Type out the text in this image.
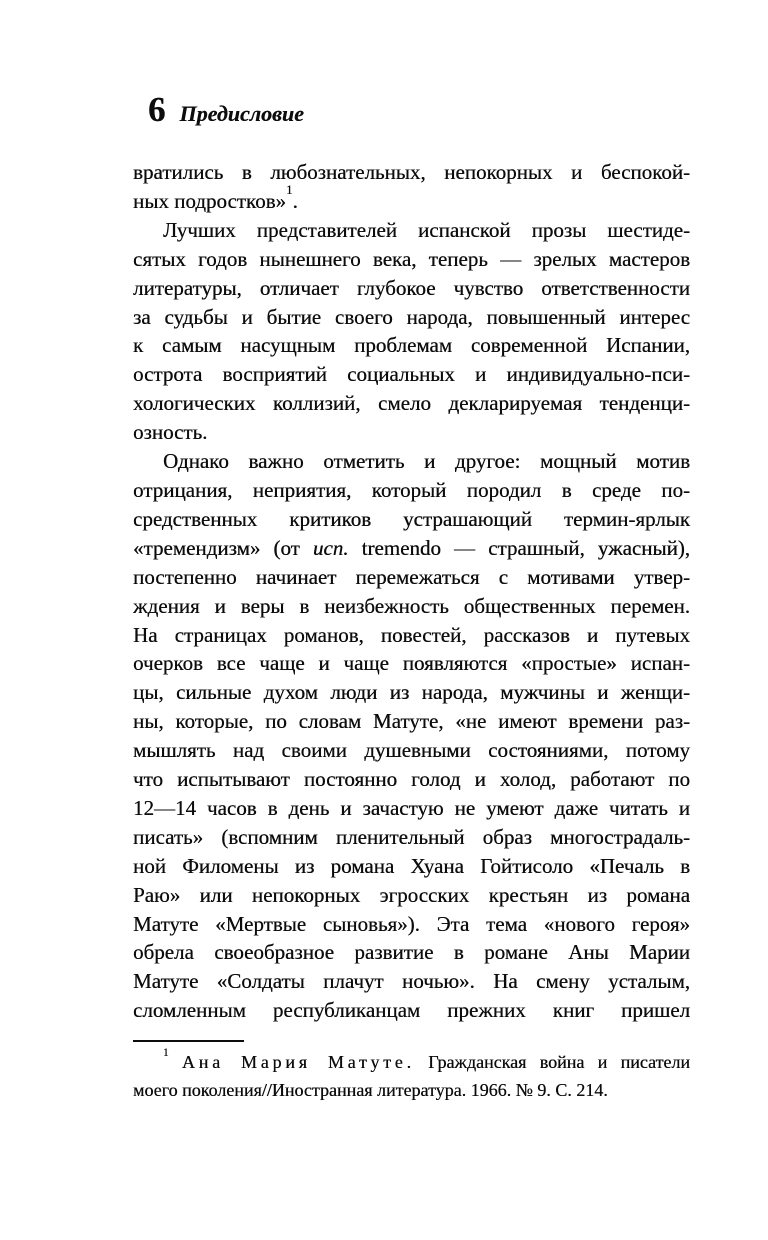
6 Предисловие
вратились в любознательных, непокорных и беспокой-
ных подростков»$^1$.
Лучших представителей испанской прозы шестиде-
сятых годов нынешнего века, теперь — зрелых мастеров
литературы, отличает глубокое чувство ответственности
за судьбы и бытие своего народа, повышенный интерес
к самым насущным проблемам современной Испании,
острота восприятий социальных и индивидуально-пси-
хологических коллизий, смело декларируемая тенденци-
озность.
Однако важно отметить и другое: мощный мотив
отрицания, неприятия, который породил в среде по-
средственных критиков устрашающий термин-ярлык
«тремендизм» (от исп. tremendo — страшный, ужасный),
постепенно начинает перемежаться с мотивами утвер-
ждения и веры в неизбежность общественных перемен.
На страницах романов, повестей, рассказов и путевых
очерков все чаще и чаще появляются «простые» испан-
цы, сильные духом люди из народа, мужчины и женщи-
ны, которые, по словам Матуте, «не имеют времени раз-
мышлять над своими душевными состояниями, потому
что испытывают постоянно голод и холод, работают по
12—14 часов в день и зачастую не умеют даже читать и
писать» (вспомним пленительный образ многострадаль-
ной Филомены из романа Хуана Гойтисоло «Печаль в
Раю» или непокорных эгросских крестьян из романа
Матуте «Мертвые сыновья»). Эта тема «нового героя»
обрела своеобразное развитие в романе Аны Марии
Матуте «Солдаты плачут ночью». На смену усталым,
сломленным республиканцам прежних книг пришел
$^1$ Ана Мария Матуте. Гражданская война и писатели
моего поколения//Иностранная литература. 1966. № 9. С. 214.
